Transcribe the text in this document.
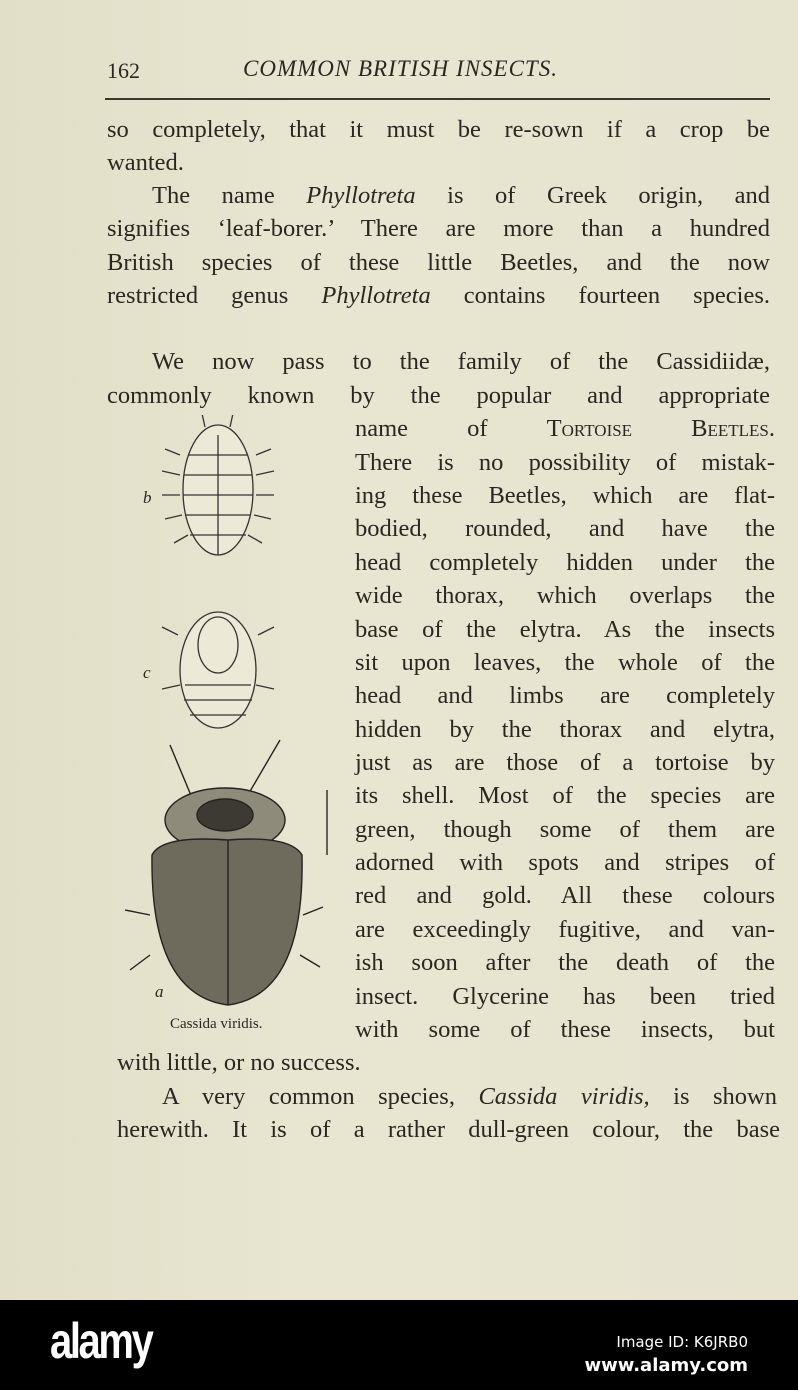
162	COMMON BRITISH INSECTS.
so completely, that it must be re-sown if a crop be
wanted.
The name Phyllotreta is of Greek origin, and
signifies ‘leaf-borer.’ There are more than a hundred
British species of these little Beetles, and the now
restricted genus Phyllotreta contains fourteen species.
We now pass to the family of the Cassidiidæ,
commonly known by the popular and appropriate
name of Tortoise Beetles.
There is no possibility of mistak-
ing these Beetles, which are flat-
bodied, rounded, and have the
head completely hidden under the
wide thorax, which overlaps the
base of the elytra. As the insects
sit upon leaves, the whole of the
head and limbs are completely
hidden by the thorax and elytra,
just as are those of a tortoise by
its shell. Most of the species are
green, though some of them are
adorned with spots and stripes of
red and gold. All these colours
are exceedingly fugitive, and van-
ish soon after the death of the
insect. Glycerine has been tried
with some of these insects, but
with little, or no success.
A very common species, Cassida viridis, is shown
herewith. It is of a rather dull-green colour, the base
b
c
a
Cassida viridis.
alamy	Image ID: K6JRB0
www.alamy.com
